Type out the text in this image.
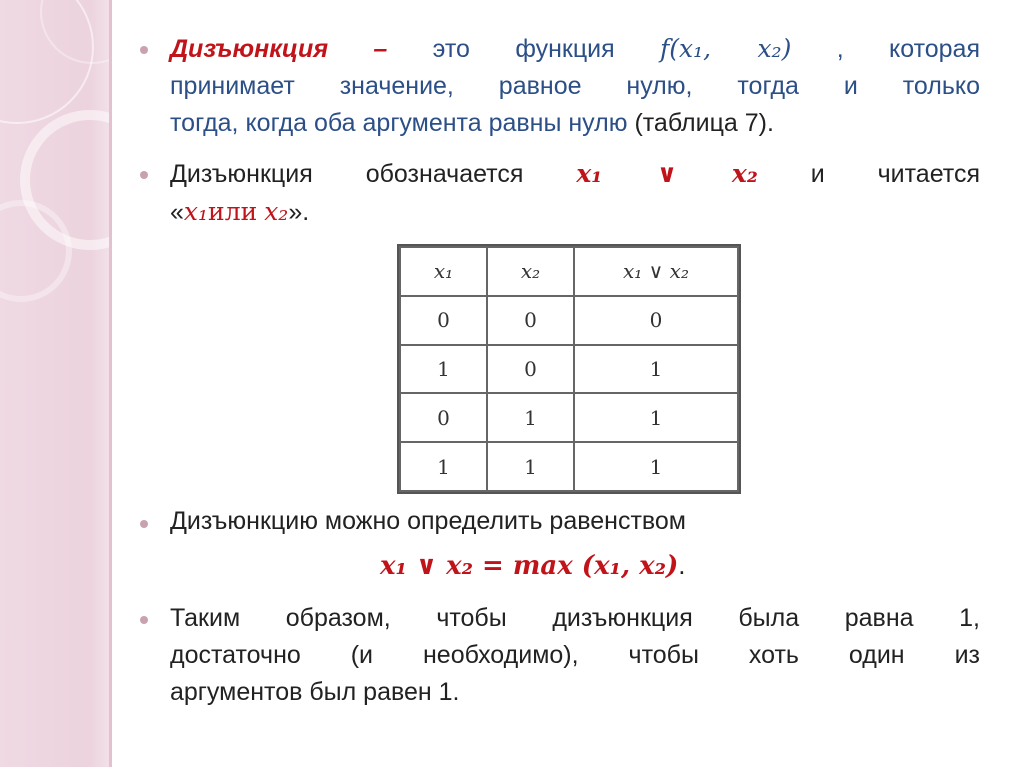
Дизъюнкция – это функция f(x₁, x₂) , которая
принимает значение, равное нулю, тогда и только
тогда, когда оба аргумента равны нулю (таблица 7).
Дизъюнкция обозначается x₁ ∨ x₂ и читается
«x₁или x₂».
x₁	x₂	x₁ ∨ x₂
0	0	0
1	0	1
0	1	1
1	1	1
Дизъюнкцию можно определить равенством
x₁ ∨ x₂ = max (x₁, x₂).
Таким образом, чтобы дизъюнкция была равна 1,
достаточно (и необходимо), чтобы хоть один из
аргументов был равен 1.
